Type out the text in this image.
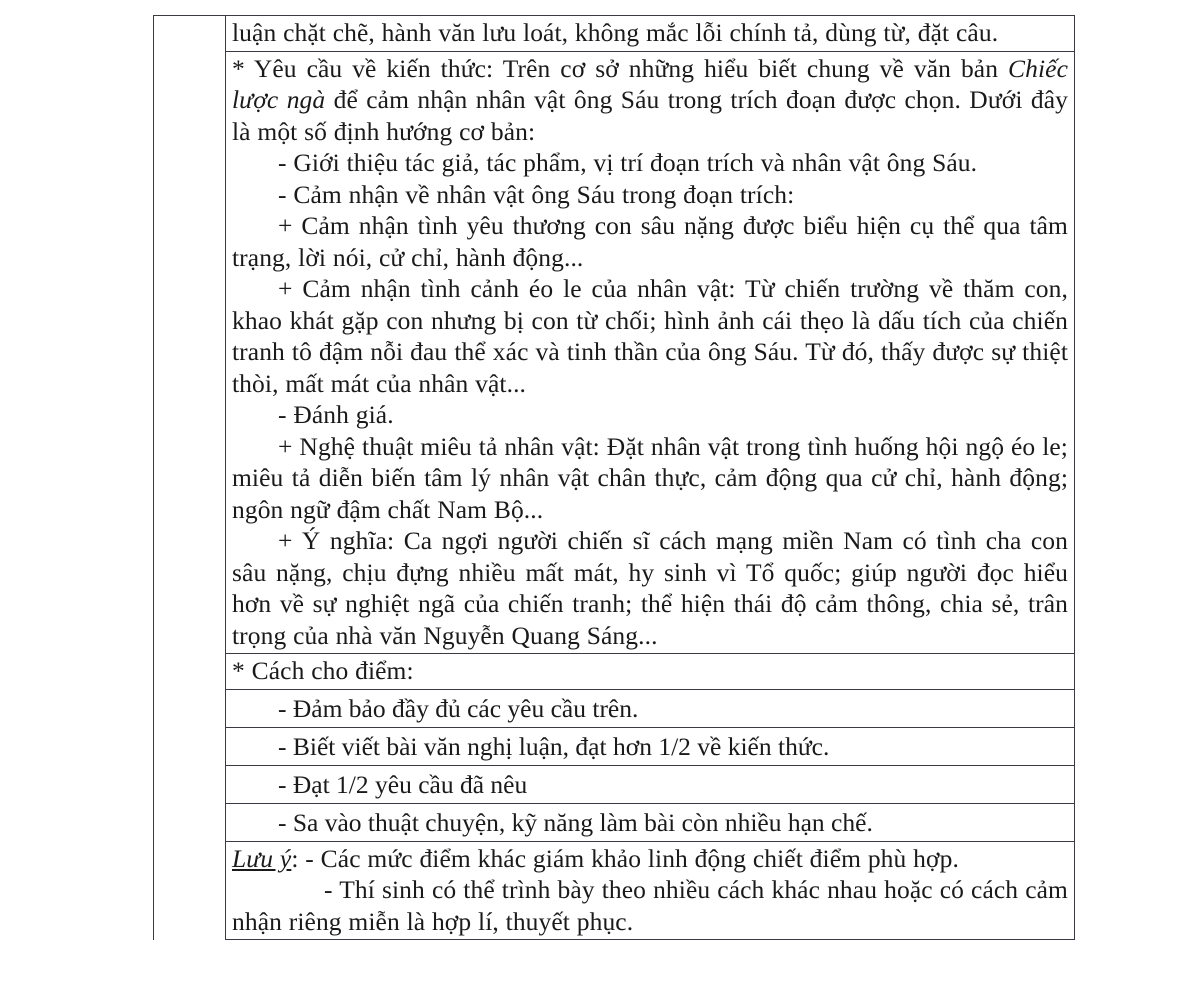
luận chặt chẽ, hành văn lưu loát, không mắc lỗi chính tả, dùng từ, đặt câu.

* Yêu cầu về kiến thức: Trên cơ sở những hiểu biết chung về văn bản Chiếc lược ngà để cảm nhận nhân vật ông Sáu trong trích đoạn được chọn. Dưới đây là một số định hướng cơ bản:

- Giới thiệu tác giả, tác phẩm, vị trí đoạn trích và nhân vật ông Sáu.

- Cảm nhận về nhân vật ông Sáu trong đoạn trích:

+ Cảm nhận tình yêu thương con sâu nặng được biểu hiện cụ thể qua tâm trạng, lời nói, cử chỉ, hành động...

+ Cảm nhận tình cảnh éo le của nhân vật: Từ chiến trường về thăm con, khao khát gặp con nhưng bị con từ chối; hình ảnh cái thẹo là dấu tích của chiến tranh tô đậm nỗi đau thể xác và tinh thần của ông Sáu. Từ đó, thấy được sự thiệt thòi, mất mát của nhân vật...

- Đánh giá.

+ Nghệ thuật miêu tả nhân vật: Đặt nhân vật trong tình huống hội ngộ éo le; miêu tả diễn biến tâm lý nhân vật chân thực, cảm động qua cử chỉ, hành động; ngôn ngữ đậm chất Nam Bộ...

+ Ý nghĩa: Ca ngợi người chiến sĩ cách mạng miền Nam có tình cha con sâu nặng, chịu đựng nhiều mất mát, hy sinh vì Tổ quốc; giúp người đọc hiểu hơn về sự nghiệt ngã của chiến tranh; thể hiện thái độ cảm thông, chia sẻ, trân trọng của nhà văn Nguyễn Quang Sáng...

* Cách cho điểm:

- Đảm bảo đầy đủ các yêu cầu trên.

- Biết viết bài văn nghị luận, đạt hơn 1/2 về kiến thức.

- Đạt 1/2 yêu cầu đã nêu

- Sa vào thuật chuyện, kỹ năng làm bài còn nhiều hạn chế.

Lưu ý: - Các mức điểm khác giám khảo linh động chiết điểm phù hợp.

- Thí sinh có thể trình bày theo nhiều cách khác nhau hoặc có cách cảm nhận riêng miễn là hợp lí, thuyết phục.
